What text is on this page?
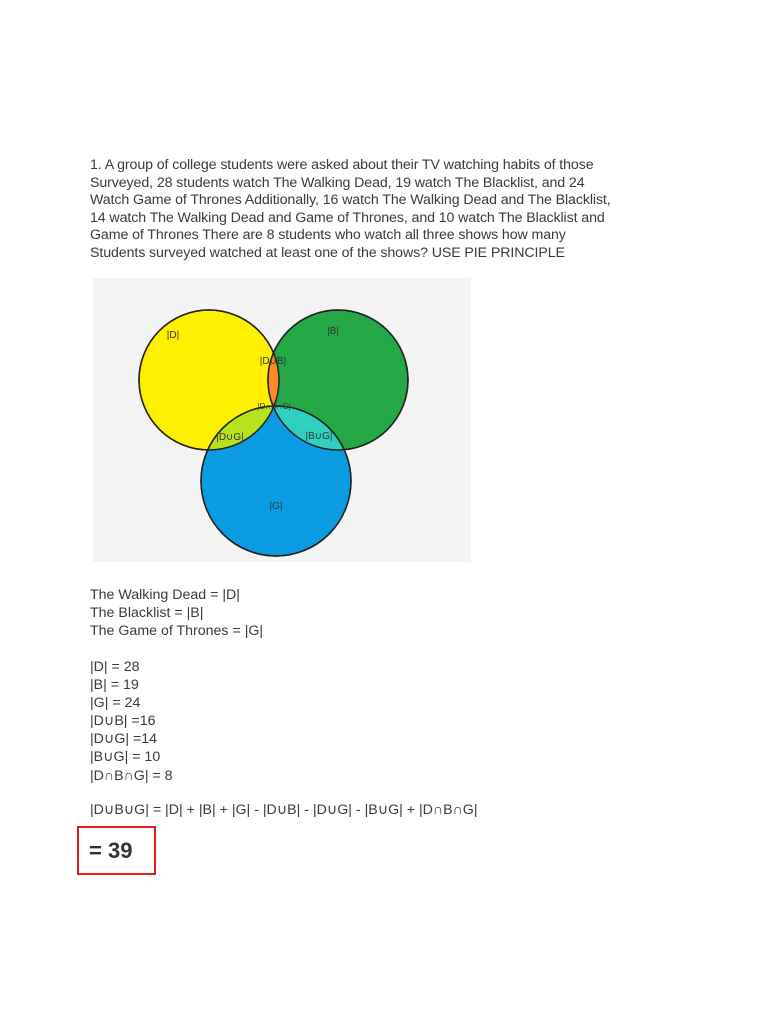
1. A group of college students were asked about their TV watching habits of those

Surveyed, 28 students watch The Walking Dead, 19 watch The Blacklist, and 24

Watch Game of Thrones Additionally, 16 watch The Walking Dead and The Blacklist,

14 watch The Walking Dead and Game of Thrones, and 10 watch The Blacklist and

Game of Thrones There are 8 students who watch all three shows how many

Students surveyed watched at least one of the shows? USE PIE PRINCIPLE

|D|	|B|
|G|
|D∪B|
|D∪G|	|B∪G|
|D∩B∩G|
The Walking Dead = |D|
The Blacklist = |B|
The Game of Thrones = |G|
|D| = 28
|B| = 19
|G| = 24
|D∪B| =16
|D∪G| =14
|B∪G| = 10
|D∩B∩G| = 8
|D∪B∪G| = |D| + |B| + |G| - |D∪B| - |D∪G| - |B∪G| + |D∩B∩G|
= 39
